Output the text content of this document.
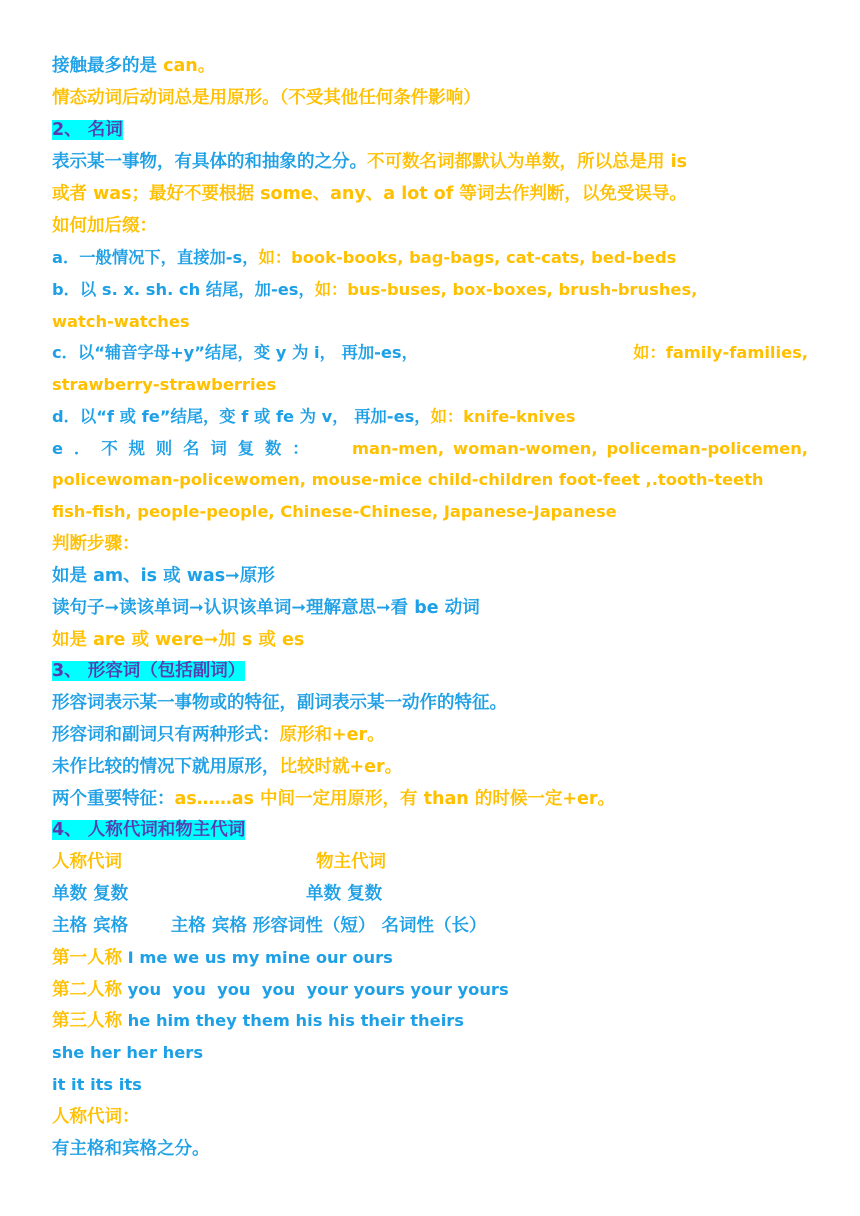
接触最多的是 can。
情态动词后动词总是用原形。（不受其他任何条件影响）
2、 名词
表示某一事物，有具体的和抽象的之分。不可数名词都默认为单数，所以总是用 is
或者 was；最好不要根据 some、any、a lot of 等词去作判断，以免受误导。
如何加后缀：
a．一般情况下，直接加-s，如：book-books, bag-bags, cat-cats, bed-beds
b．以 s. x. sh. ch 结尾，加-es，如：bus-buses, box-boxes, brush-brushes,
watch-watches
c．以“辅音字母+y”结尾，变 y 为 i， 再加-es，	如：family-families,
strawberry-strawberries
d．以“f 或 fe”结尾，变 f 或 fe 为 v， 再加-es，如：knife-knives
e．不规则名词复数：	man-men, woman-women, policeman-policemen,
policewoman-policewomen, mouse-mice child-children foot-feet ,.tooth-teeth
fish-fish, people-people, Chinese-Chinese, Japanese-Japanese
判断步骤：
如是 am、is 或 was➞原形
读句子➞读该单词➞认识该单词➞理解意思➞看 be 动词
如是 are 或 were➞加 s 或 es
3、 形容词（包括副词）
形容词表示某一事物或的特征，副词表示某一动作的特征。
形容词和副词只有两种形式：原形和+er。
未作比较的情况下就用原形，比较时就+er。
两个重要特征：as……as 中间一定用原形，有 than 的时候一定+er。
4、 人称代词和物主代词
人称代词	物主代词
单数 复数	单数 复数
主格 宾格       主格 宾格 形容词性（短） 名词性（长）
第一人称 I me we us my mine our ours
第二人称 you  you  you  you  your yours your yours
第三人称 he him they them his his their theirs
she her her hers
it it its its
人称代词：
有主格和宾格之分。
